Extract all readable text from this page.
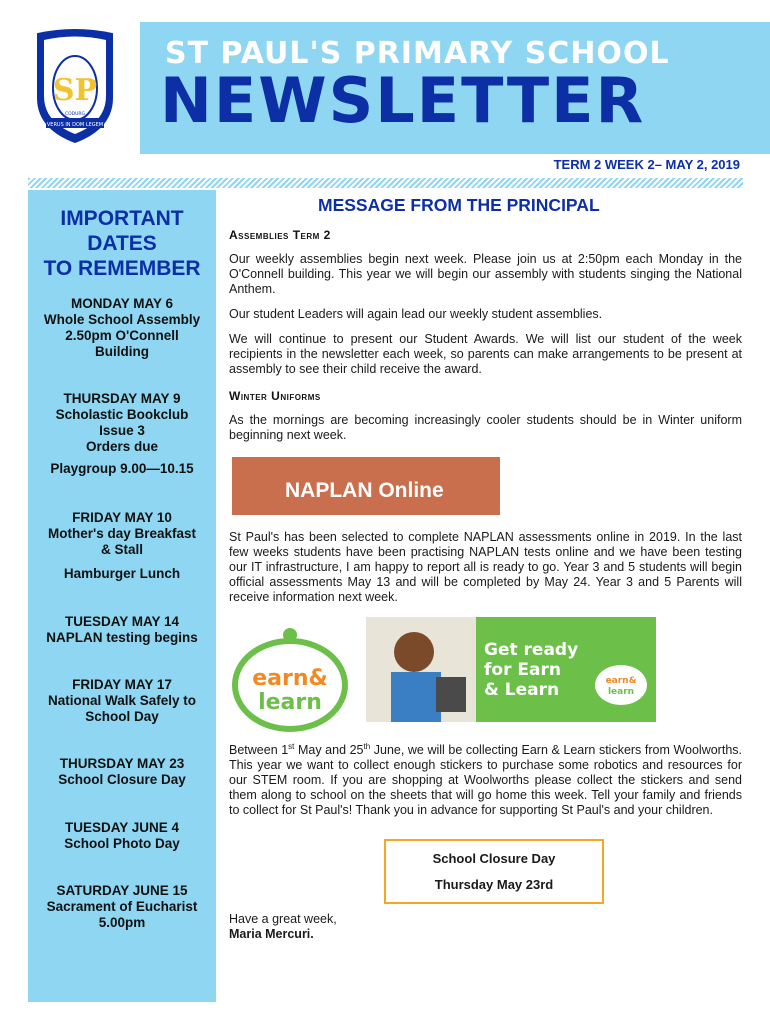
SP
VERUS IN DOM LEGEM
CODURG
ST PAUL'S PRIMARY SCHOOL
NEWSLETTER
TERM 2 WEEK 2– MAY 2, 2019
IMPORTANT
DATES
TO REMEMBER
MONDAY MAY 6
Whole School Assembly
2.50pm O'Connell
Building
THURSDAY MAY 9
Scholastic Bookclub
Issue 3
Orders due
Playgroup 9.00—10.15
FRIDAY MAY 10
Mother's day Breakfast
& Stall
Hamburger Lunch
TUESDAY MAY 14
NAPLAN testing begins
FRIDAY MAY 17
National Walk Safely to
School Day
THURSDAY MAY 23
School Closure Day
TUESDAY JUNE 4
School Photo Day
SATURDAY JUNE 15
Sacrament of Eucharist
5.00pm
MESSAGE FROM THE PRINCIPAL
Assemblies Term 2
Our weekly assemblies begin next week. Please join us at 2:50pm each Monday in the O'Connell building. This year we will begin our assembly with students singing the National Anthem.
Our student Leaders will again lead our weekly student assemblies.
We will continue to present our Student Awards. We will list our student of the week recipients in the newsletter each week, so parents can make arrangements to be present at assembly to see their child receive the award.
Winter Uniforms
As the mornings are becoming increasingly cooler students should be in Winter uniform beginning next week.
NAPLAN Online
St Paul's has been selected to complete NAPLAN assessments online in 2019. In the last few weeks students have been practising NAPLAN tests online and we have been testing our IT infrastructure, I am happy to report all is ready to go. Year 3 and 5 students will begin official assessments May 13 and will be completed by May 24. Year 3 and 5 Parents will receive information next week.
earn&
learn
Get ready
for Earn
& Learn	earn&
learn
Between 1st May and 25th June, we will be collecting Earn & Learn stickers from Woolworths. This year we want to collect enough stickers to purchase some robotics and resources for our STEM room. If you are shopping at Woolworths please collect the stickers and send them along to school on the sheets that will go home this week. Tell your family and friends to collect for St Paul's! Thank you in advance for supporting St Paul's and your children.
School Closure Day
Thursday May 23rd
Have a great week,
Maria Mercuri.
